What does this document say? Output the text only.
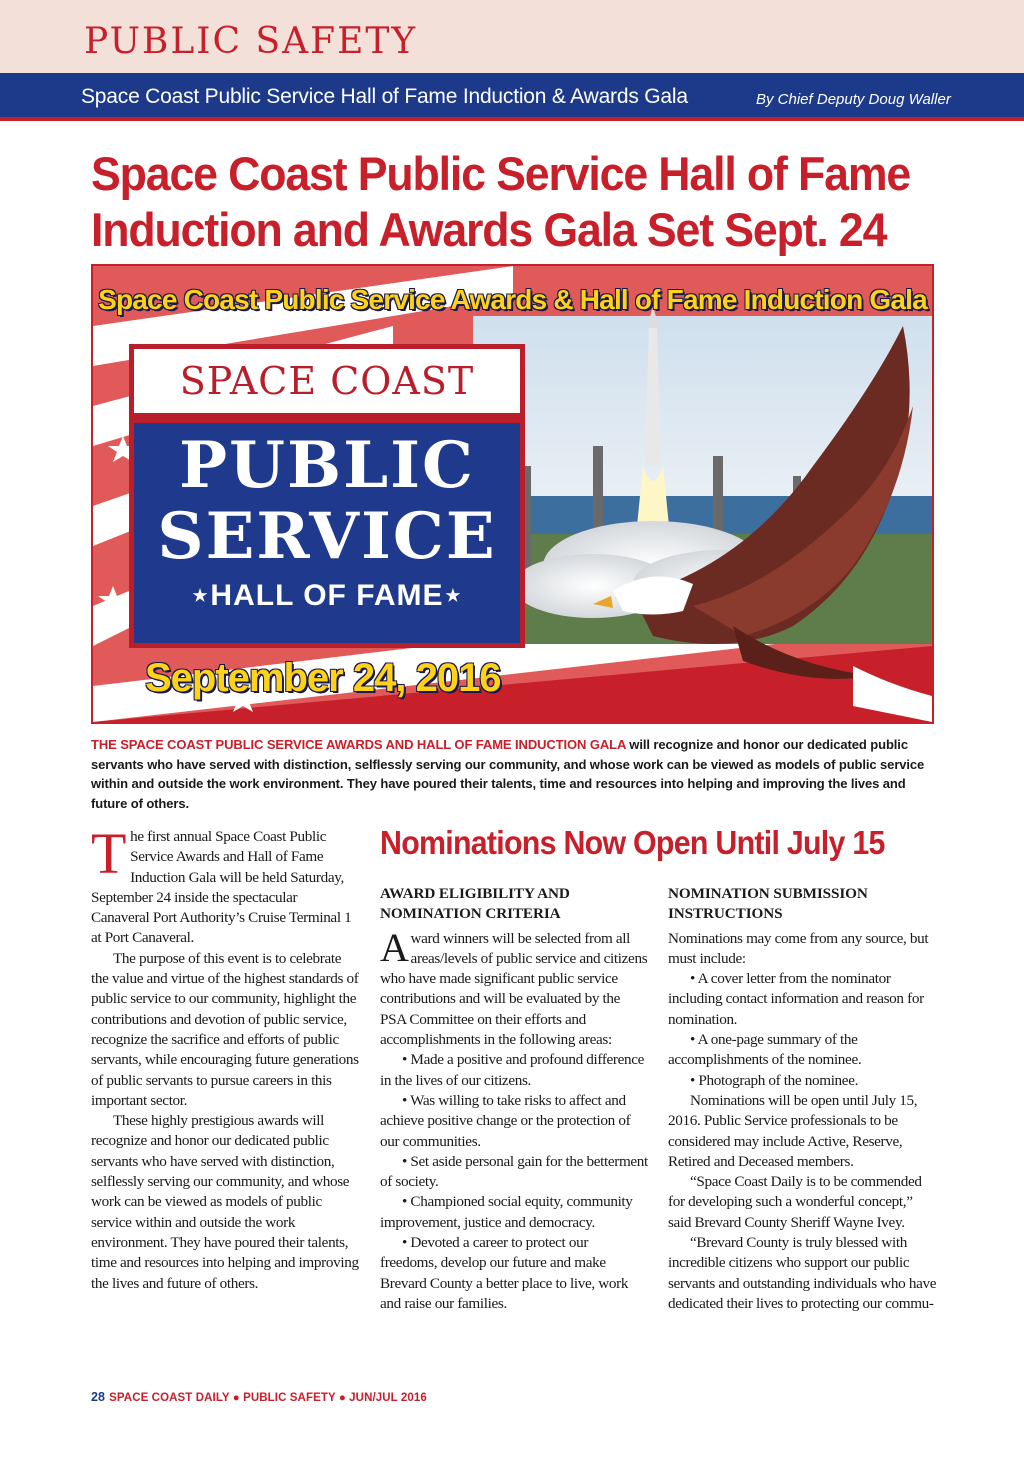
PUBLIC SAFETY
Space Coast Public Service Hall of Fame Induction & Awards Gala	By Chief Deputy Doug Waller
Space Coast Public Service Hall of Fame
Induction and Awards Gala Set Sept. 24
Space Coast Public Service Awards & Hall of Fame Induction Gala
SPACE COAST
PUBLIC
SERVICE
⋆HALL OF FAME⋆
September 24, 2016
THE SPACE COAST PUBLIC SERVICE AWARDS AND HALL OF FAME INDUCTION GALA will recognize and honor our dedicated public servants who have served with distinction, selflessly serving our community, and whose work can be viewed as models of public service within and outside the work environment. They have poured their talents, time and resources into helping and improving the lives and future of others.

The first annual Space Coast Public Service Awards and Hall of Fame Induction Gala will be held Saturday, September 24 inside the spectacular Canaveral Port Authority’s Cruise Terminal 1 at Port Canaveral.

The purpose of this event is to celebrate the value and virtue of the highest standards of public service to our community, highlight the contributions and devotion of public service, recognize the sacrifice and efforts of public servants, while encouraging future generations of public servants to pursue careers in this important sector.

These highly prestigious awards will recognize and honor our dedicated public servants who have served with distinction, selflessly serving our community, and whose work can be viewed as models of public service within and outside the work environment. They have poured their talents, time and resources into helping and improving the lives and future of others.

Nominations Now Open Until July 15
AWARD ELIGIBILITY AND NOMINATION CRITERIA

Award winners will be selected from all areas/levels of public service and citizens who have made significant public service contributions and will be evaluated by the PSA Committee on their efforts and accomplishments in the following areas:

• Made a positive and profound difference in the lives of our citizens.

• Was willing to take risks to affect and achieve positive change or the protection of our communities.

• Set aside personal gain for the betterment of society.

• Championed social equity, community improvement, justice and democracy.

• Devoted a career to protect our freedoms, develop our future and make Brevard County a better place to live, work and raise our families.

NOMINATION SUBMISSION INSTRUCTIONS

Nominations may come from any source, but must include:

• A cover letter from the nominator including contact information and reason for nomination.

• A one-page summary of the accomplishments of the nominee.

• Photograph of the nominee.

Nominations will be open until July 15, 2016. Public Service professionals to be considered may include Active, Reserve, Retired and Deceased members.

“Space Coast Daily is to be commended for developing such a wonderful concept,” said Brevard County Sheriff Wayne Ivey.

“Brevard County is truly blessed with incredible citizens who support our public servants and outstanding individuals who have dedicated their lives to protecting our commu-

28 SPACE COAST DAILY ● PUBLIC SAFETY ● JUN/JUL 2016
